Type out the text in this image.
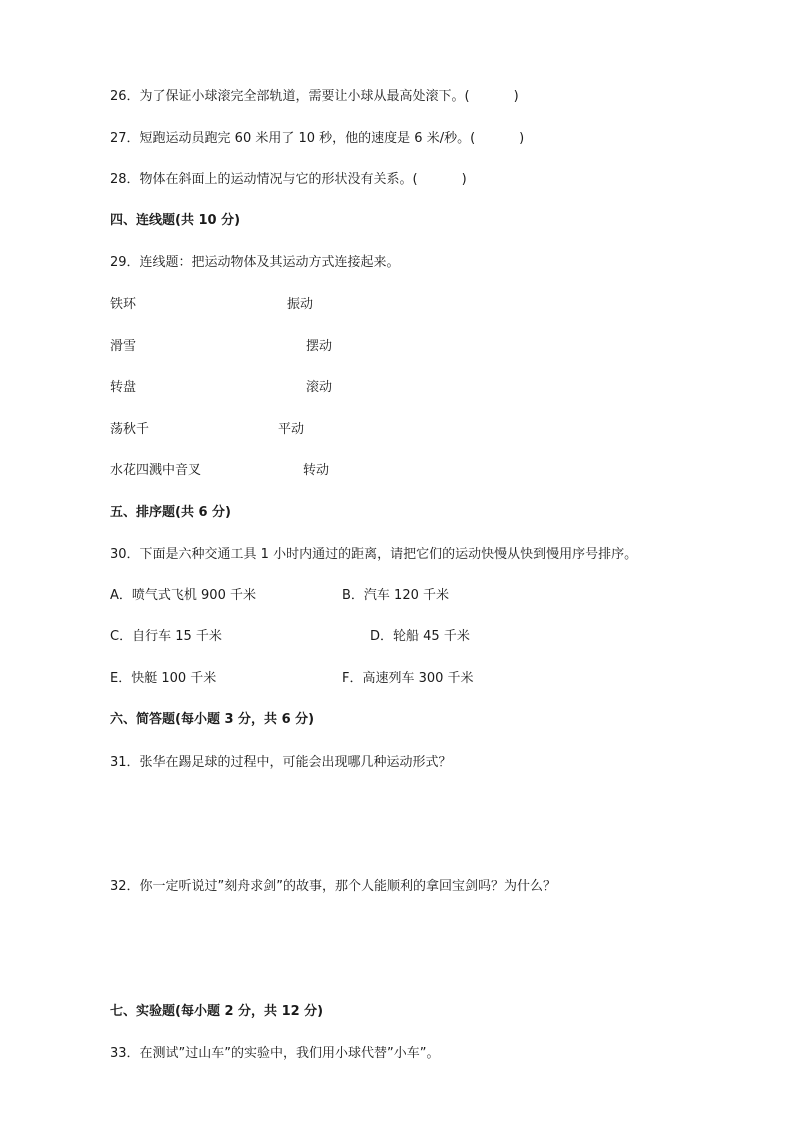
26．为了保证小球滚完全部轨道，需要让小球从最高处滚下。(	)
27．短跑运动员跑完 60 米用了 10 秒，他的速度是 6 米/秒。(	)
28．物体在斜面上的运动情况与它的形状没有关系。(	)
四、连线题(共 10 分)
29．连线题：把运动物体及其运动方式连接起来。
铁环	振动
滑雪	摆动
转盘	滚动
荡秋千	平动
水花四溅中音叉	转动
五、排序题(共 6 分)
30．下面是六种交通工具 1 小时内通过的距离，请把它们的运动快慢从快到慢用序号排序。
A．喷气式飞机 900 千米	B．汽车 120 千米
C．自行车 15 千米	D．轮船 45 千米
E．快艇 100 千米	F．高速列车 300 千米
六、简答题(每小题 3 分，共 6 分)
31．张华在踢足球的过程中，可能会出现哪几种运动形式？
32．你一定听说过”刻舟求剑”的故事，那个人能顺利的拿回宝剑吗？为什么？
七、实验题(每小题 2 分，共 12 分)
33．在测试”过山车”的实验中，我们用小球代替”小车”。
